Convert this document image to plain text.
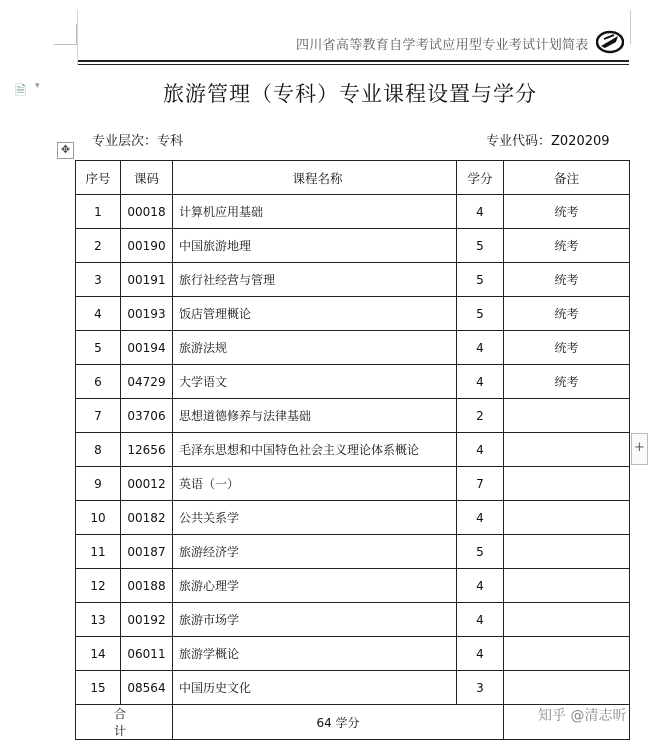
四川省高等教育自学考试应用型专业考试计划简表
🗎 ▾	旅游管理（专科）专业课程设置与学分
专业层次：专科	专业代码：Z020209
✥
+
序号	课码	课程名称	学分	备注
1	00018	计算机应用基础	4	统考
2	00190	中国旅游地理	5	统考
3	00191	旅行社经营与管理	5	统考
4	00193	饭店管理概论	5	统考
5	00194	旅游法规	4	统考
6	04729	大学语文	4	统考
7	03706	思想道德修养与法律基础	2	
8	12656	毛泽东思想和中国特色社会主义理论体系概论	4	
9	00012	英语（一）	7	
10	00182	公共关系学	4	
11	00187	旅游经济学	5	
12	00188	旅游心理学	4	
13	00192	旅游市场学	4	
14	06011	旅游学概论	4	
15	08564	中国历史文化	3	
合计		64 学分			知乎 @清志昕
